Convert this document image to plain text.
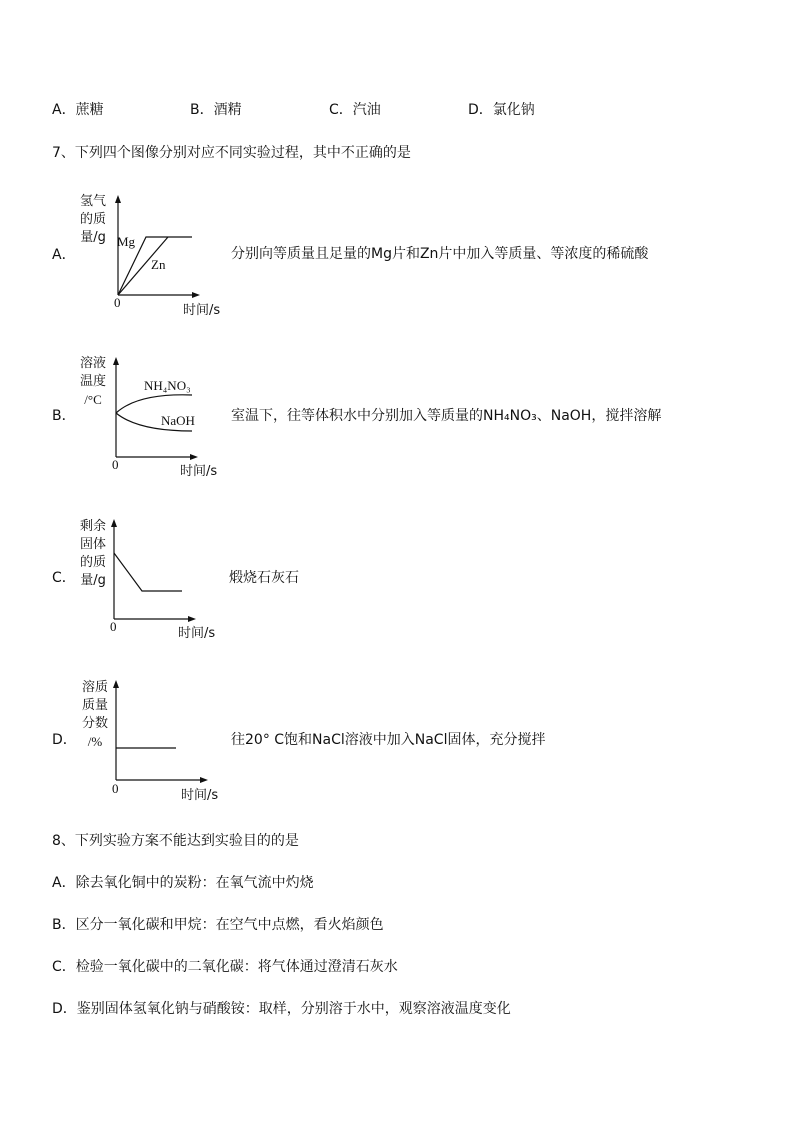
A．蔗糖	B．酒精	C．汽油	D．氯化钠
7、下列四个图像分别对应不同实验过程，其中不正确的是
A．
氢气
的质
量/g Mg
Zn
0
时间/s
分别向等质量且足量的Mg片和Zn片中加入等质量、等浓度的稀硫酸
B．
溶液
温度
/°C
NH₄NO₃
NaOH
0	时间/s
室温下，往等体积水中分别加入等质量的NH₄NO₃、NaOH，搅拌溶解
C．
剩余
固体
的质
量/g
0	时间/s
煅烧石灰石
D．
溶质
质量
分数
/%
0	时间/s
往20° C饱和NaCl溶液中加入NaCl固体，充分搅拌
8、下列实验方案不能达到实验目的的是
A．除去氧化铜中的炭粉：在氧气流中灼烧
B．区分一氧化碳和甲烷：在空气中点燃，看火焰颜色
C．检验一氧化碳中的二氧化碳：将气体通过澄清石灰水
D．鉴别固体氢氧化钠与硝酸铵：取样，分别溶于水中，观察溶液温度变化
